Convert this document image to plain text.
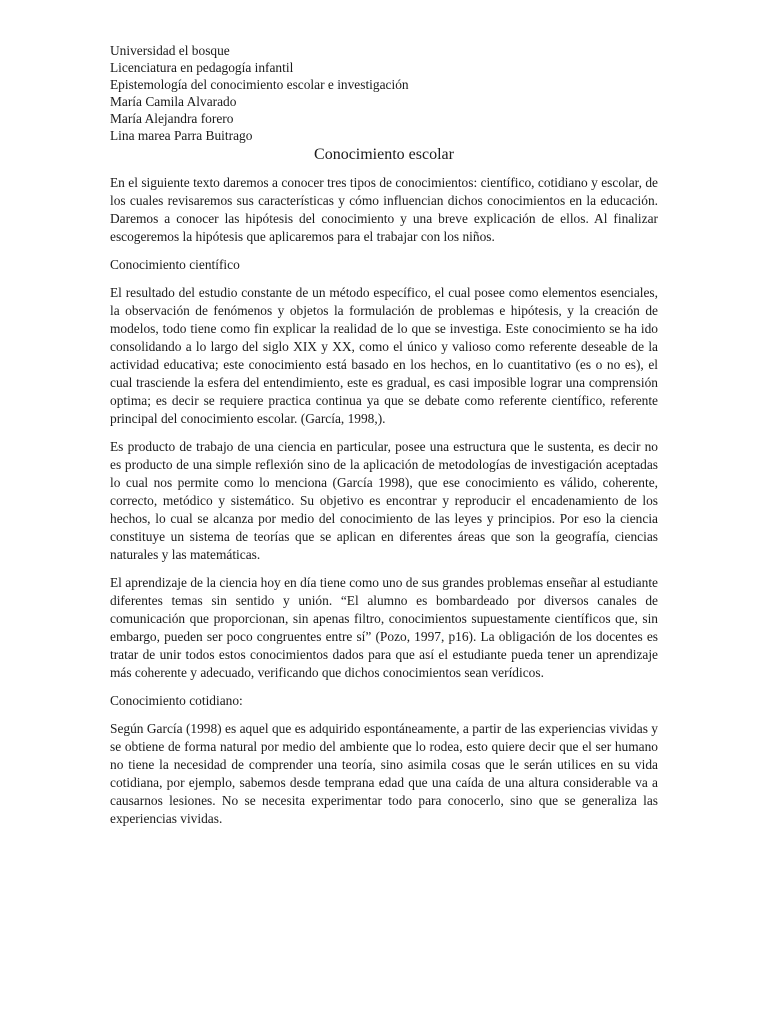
Universidad el bosque

Licenciatura en pedagogía infantil

Epistemología del conocimiento escolar e investigación

María Camila Alvarado

María Alejandra forero

Lina marea Parra Buitrago

Conocimiento escolar

En el siguiente texto daremos a conocer tres tipos de conocimientos: científico, cotidiano y escolar, de los cuales revisaremos sus características y cómo influencian dichos conocimientos en la educación. Daremos a conocer las hipótesis del conocimiento y una breve explicación de ellos. Al finalizar escogeremos la hipótesis que aplicaremos para el trabajar con los niños.

Conocimiento científico

El resultado del estudio constante de un método específico, el cual posee como elementos esenciales, la observación de fenómenos y objetos la formulación de problemas e hipótesis, y la creación de modelos, todo tiene como fin explicar la realidad de lo que se investiga. Este conocimiento se ha ido consolidando a lo largo del siglo XIX y XX, como el único y valioso como referente deseable de la actividad educativa; este conocimiento está basado en los hechos, en lo cuantitativo (es o no es), el cual trasciende la esfera del entendimiento, este es gradual, es casi imposible lograr una comprensión optima; es decir se requiere practica continua ya que se debate como referente científico, referente principal del conocimiento escolar. (García, 1998,).

Es producto de trabajo de una ciencia en particular, posee una estructura que le sustenta, es decir no es producto de una simple reflexión sino de la aplicación de metodologías de investigación aceptadas lo cual nos permite como lo menciona (García 1998), que ese conocimiento es válido, coherente, correcto, metódico y sistemático. Su objetivo es encontrar y reproducir el encadenamiento de los hechos, lo cual se alcanza por medio del conocimiento de las leyes y principios. Por eso la ciencia constituye un sistema de teorías que se aplican en diferentes áreas que son la geografía, ciencias naturales y las matemáticas.

El aprendizaje de la ciencia hoy en día tiene como uno de sus grandes problemas enseñar al estudiante diferentes temas sin sentido y unión. “El alumno es bombardeado por diversos canales de comunicación que proporcionan, sin apenas filtro, conocimientos supuestamente científicos que, sin embargo, pueden ser poco congruentes entre sí” (Pozo, 1997, p16). La obligación de los docentes es tratar de unir todos estos conocimientos dados para que así el estudiante pueda tener un aprendizaje más coherente y adecuado, verificando que dichos conocimientos sean verídicos.

Conocimiento cotidiano:

Según García (1998) es aquel que es adquirido espontáneamente, a partir de las experiencias vividas y se obtiene de forma natural por medio del ambiente que lo rodea, esto quiere decir que el ser humano no tiene la necesidad de comprender una teoría, sino asimila cosas que le serán utilices en su vida cotidiana, por ejemplo, sabemos desde temprana edad que una caída de una altura considerable va a causarnos lesiones. No se necesita experimentar todo para conocerlo, sino que se generaliza las experiencias vividas.
